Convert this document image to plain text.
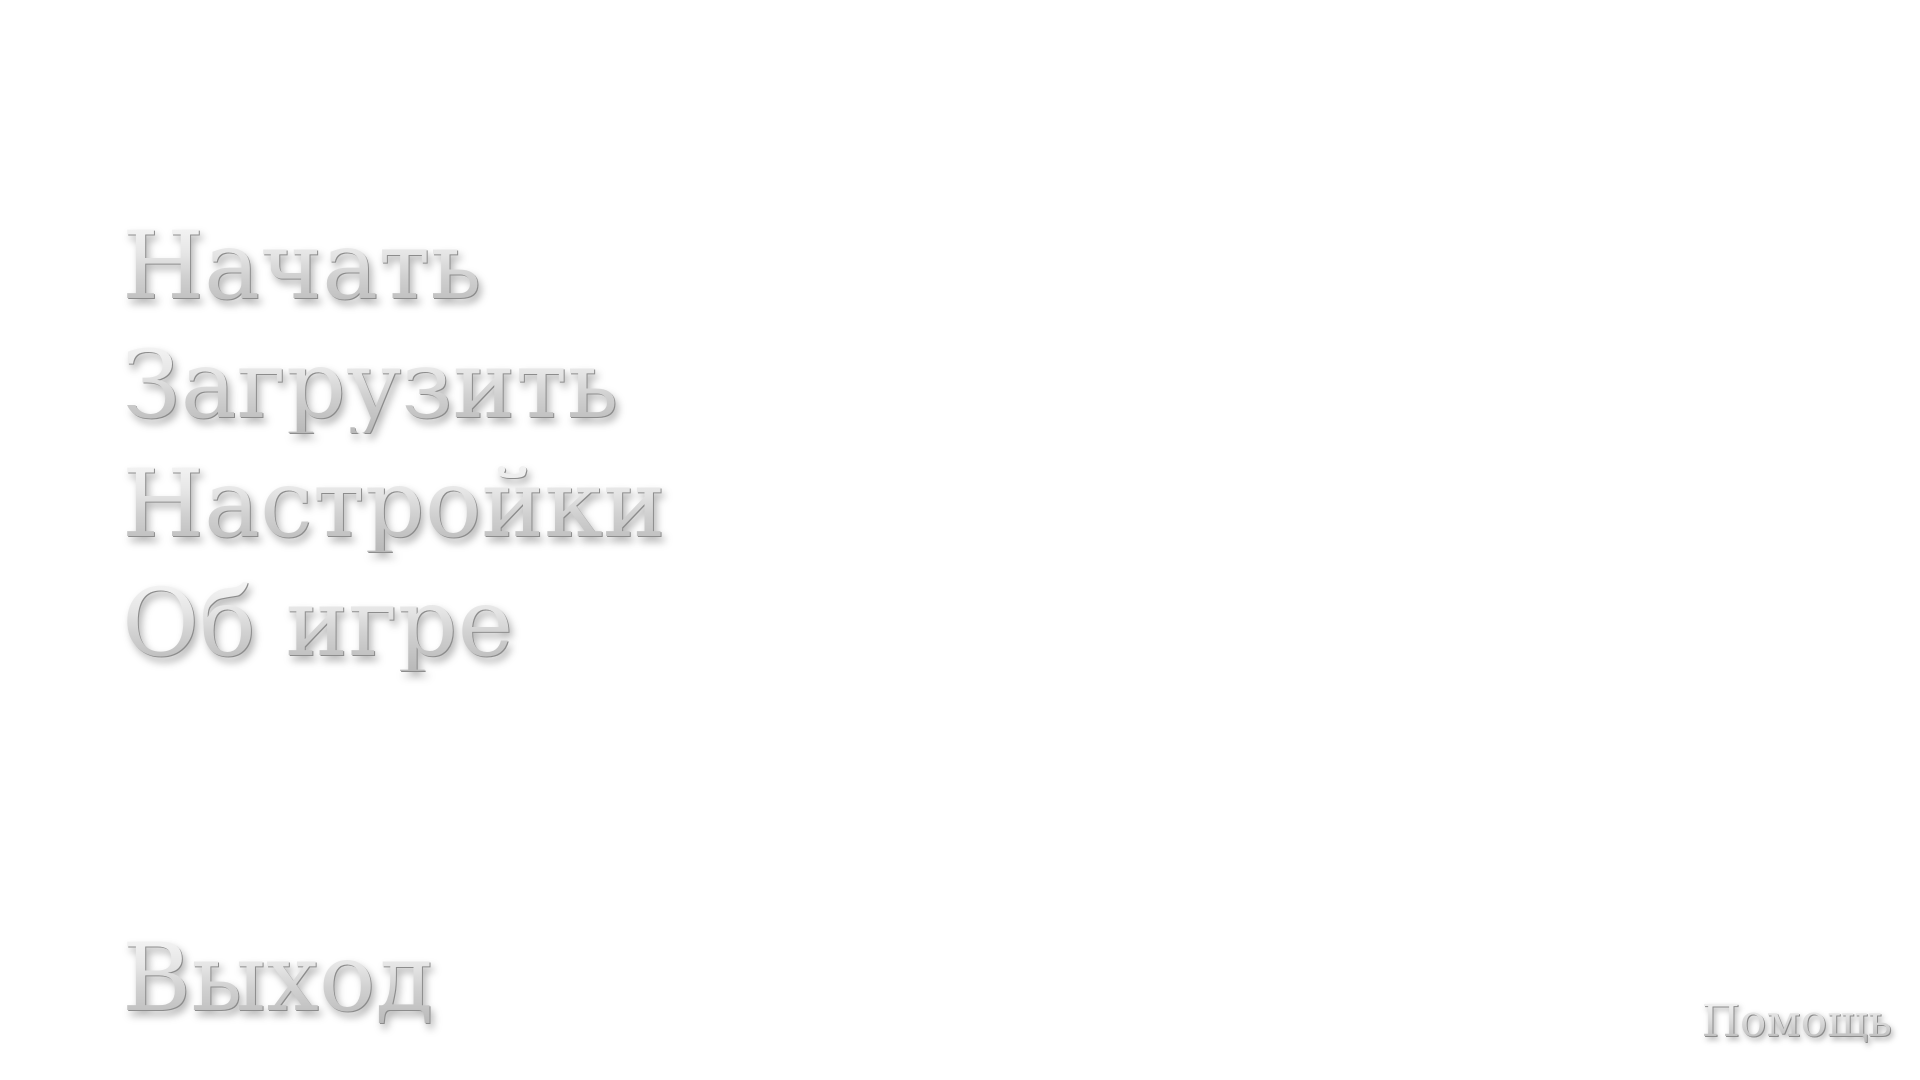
Начать
Загрузить
Настройки
Об игре
Выход	Помощь
